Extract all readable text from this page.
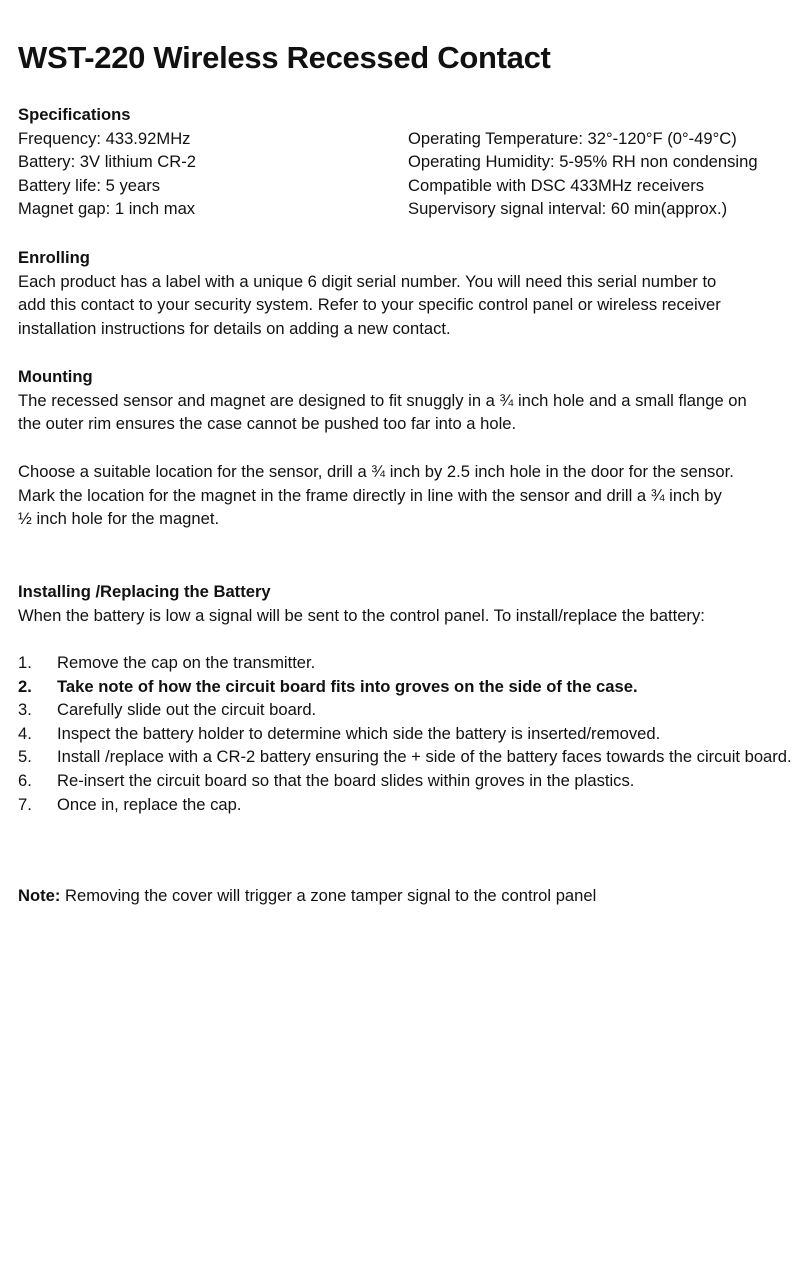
WST-220 Wireless Recessed Contact
Specifications
Frequency: 433.92MHz
Battery: 3V lithium CR-2
Battery life: 5 years
Magnet gap: 1 inch max
Operating Temperature: 32°-120°F (0°-49°C)
Operating Humidity: 5-95% RH non condensing
Compatible with DSC 433MHz receivers
Supervisory signal interval: 60 min(approx.)
Enrolling
Each product has a label with a unique 6 digit serial number. You will need this serial number to
add this contact to your security system. Refer to your specific control panel or wireless receiver
installation instructions for details on adding a new contact.
Mounting
The recessed sensor and magnet are designed to fit snuggly in a ¾ inch hole and a small flange on
the outer rim ensures the case cannot be pushed too far into a hole.
Choose a suitable location for the sensor, drill a ¾ inch by 2.5 inch hole in the door for the sensor.
Mark the location for the magnet in the frame directly in line with the sensor and drill a ¾ inch by
½ inch hole for the magnet.
Installing /Replacing the Battery
When the battery is low a signal will be sent to the control panel. To install/replace the battery:
1. Remove the cap on the transmitter.
2. Take note of how the circuit board fits into groves on the side of the case.
3. Carefully slide out the circuit board.
4. Inspect the battery holder to determine which side the battery is inserted/removed.
5. Install /replace with a CR-2 battery ensuring the + side of the battery faces towards the circuit board.
6. Re-insert the circuit board so that the board slides within groves in the plastics.
7. Once in, replace the cap.
Note: Removing the cover will trigger a zone tamper signal to the control panel
